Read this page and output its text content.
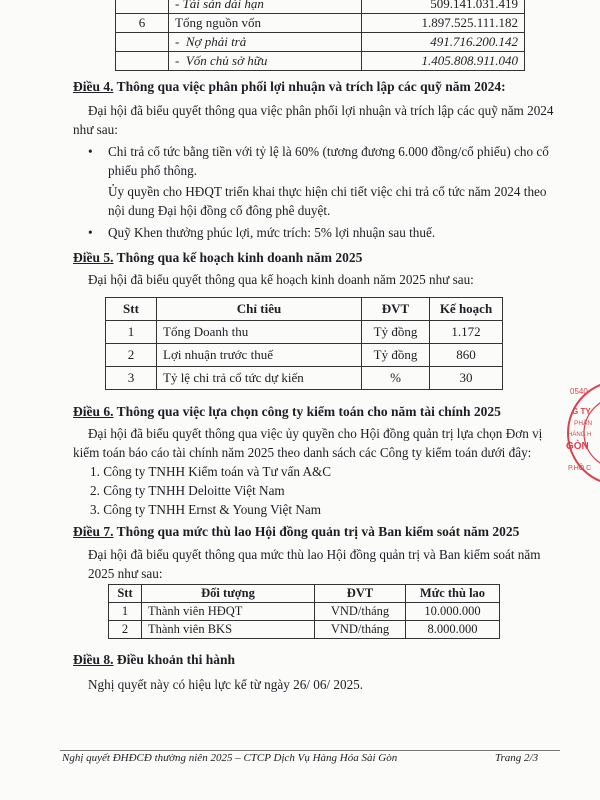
	- Tài sản dài hạn	509.141.031.419
6	Tổng nguồn vốn	1.897.525.111.182
	-  Nợ phải trả	491.716.200.142
	-  Vốn chủ sở hữu	1.405.808.911.040
Điều 4. Thông qua việc phân phối lợi nhuận và trích lập các quỹ năm 2024:

Đại hội đã biểu quyết thông qua việc phân phối lợi nhuận và trích lập các quỹ năm 2024

như sau:

• Chi trả cổ tức bằng tiền với tỷ lệ là 60% (tương đương 6.000 đồng/cổ phiếu) cho cổ

phiếu phổ thông.

Ủy quyền cho HĐQT triển khai thực hiện chi tiết việc chi trả cổ tức năm 2024 theo

nội dung Đại hội đồng cổ đông phê duyệt.

• Quỹ Khen thưởng phúc lợi, mức trích: 5% lợi nhuận sau thuế.

Điều 5. Thông qua kế hoạch kinh doanh năm 2025

Đại hội đã biểu quyết thông qua kế hoạch kinh doanh năm 2025 như sau:

Stt	Chỉ tiêu	ĐVT	Kế hoạch
1	Tổng Doanh thu	Tỷ đồng	1.172
2	Lợi nhuận trước thuế	Tỷ đồng	860
3	Tỷ lệ chi trả cổ tức dự kiến	%	30
Điều 6. Thông qua việc lựa chọn công ty kiểm toán cho năm tài chính 2025

Đại hội đã biểu quyết thông qua việc ủy quyền cho Hội đồng quản trị lựa chọn Đơn vị

kiểm toán báo cáo tài chính năm 2025 theo danh sách các Công ty kiểm toán dưới đây:

1. Công ty TNHH Kiểm toán và Tư vấn A&C

2. Công ty TNHH Deloitte Việt Nam

3. Công ty TNHH Ernst & Young Việt Nam

Điều 7. Thông qua mức thù lao Hội đồng quản trị và Ban kiểm soát năm 2025

Đại hội đã biểu quyết thông qua mức thù lao Hội đồng quản trị và Ban kiểm soát năm

2025 như sau:

Stt	Đối tượng	ĐVT	Mức thù lao
1	Thành viên HĐQT	VND/tháng	10.000.000
2	Thành viên BKS	VND/tháng	8.000.000
Điều 8. Điều khoản thi hành

Nghị quyết này có hiệu lực kể từ ngày 26/ 06/ 2025.

0540
G TY
PHẦN
HÀNG H
GÒN
P.HỒ C
Nghị quyết ĐHĐCĐ thường niên 2025 – CTCP Dịch Vụ Hàng Hóa Sài Gòn	Trang 2/3
